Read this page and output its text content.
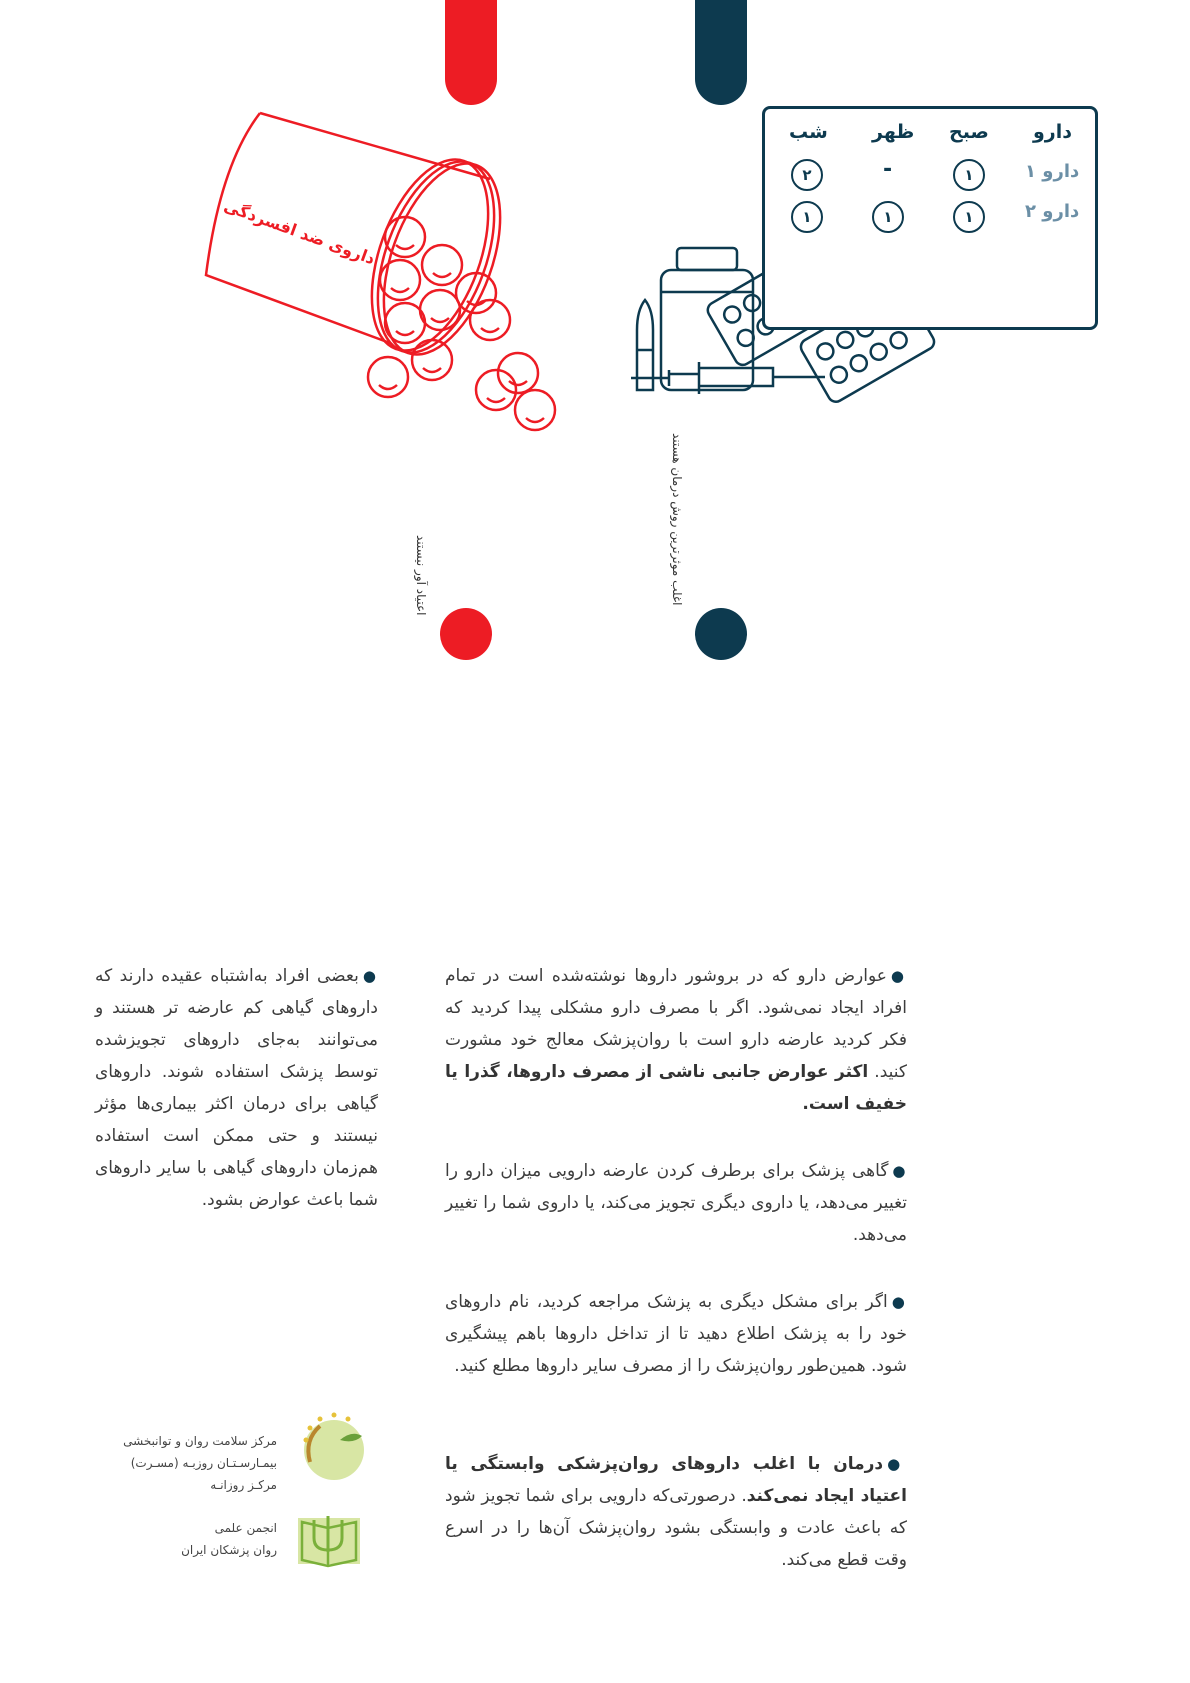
اعتیاد آور نیستند	اغلب موثرترین روش درمان هستند
داروی ضد افسردگی
دارو
صبح
ظهر
شب
دارو ۱
۱
-
۲
دارو ۲
۱
۱
۱
●عوارض دارو که در بروشور داروها نوشته‌شده است در تمام افراد ایجاد نمی‌شود. اگر با مصرف دارو مشکلی پیدا کردید که فکر کردید عارضه دارو است با روان‌پزشک معالج خود مشورت کنید. اکثر عوارض جانبی ناشی از مصرف داروها، گذرا یا خفیف است.
●گاهی پزشک برای برطرف کردن عارضه دارویی میزان دارو را تغییر می‌دهد، یا داروی دیگری تجویز می‌کند، یا داروی شما را تغییر می‌دهد.
●اگر برای مشکل دیگری به پزشک مراجعه کردید، نام داروهای خود را به پزشک اطلاع دهید تا از تداخل داروها باهم پیشگیری شود. همین‌طور روان‌پزشک را از مصرف سایر داروها مطلع کنید.
●درمان با اغلب داروهای روان‌پزشکی وابستگی یا اعتیاد ایجاد نمی‌کند. درصورتی‌که دارویی برای شما تجویز شود که باعث عادت و وابستگی بشود روان‌پزشک آن‌ها را در اسرع وقت قطع می‌کند.
●بعضی افراد به‌اشتباه عقیده دارند که داروهای گیاهی کم عارضه تر هستند و می‌توانند به‌جای داروهای تجویزشده توسط پزشک استفاده شوند. داروهای گیاهی برای درمان اکثر بیماری‌ها مؤثر نیستند و حتی ممکن است استفاده هم‌زمان داروهای گیاهی با سایر داروهای شما باعث عوارض بشود.
مرکز سلامت روان و توانبخشی
بیمـارسـتـان روزبـه (مسـرت)
مرکـز روزانـه
انجمن علمی
روان پزشکان ایران
